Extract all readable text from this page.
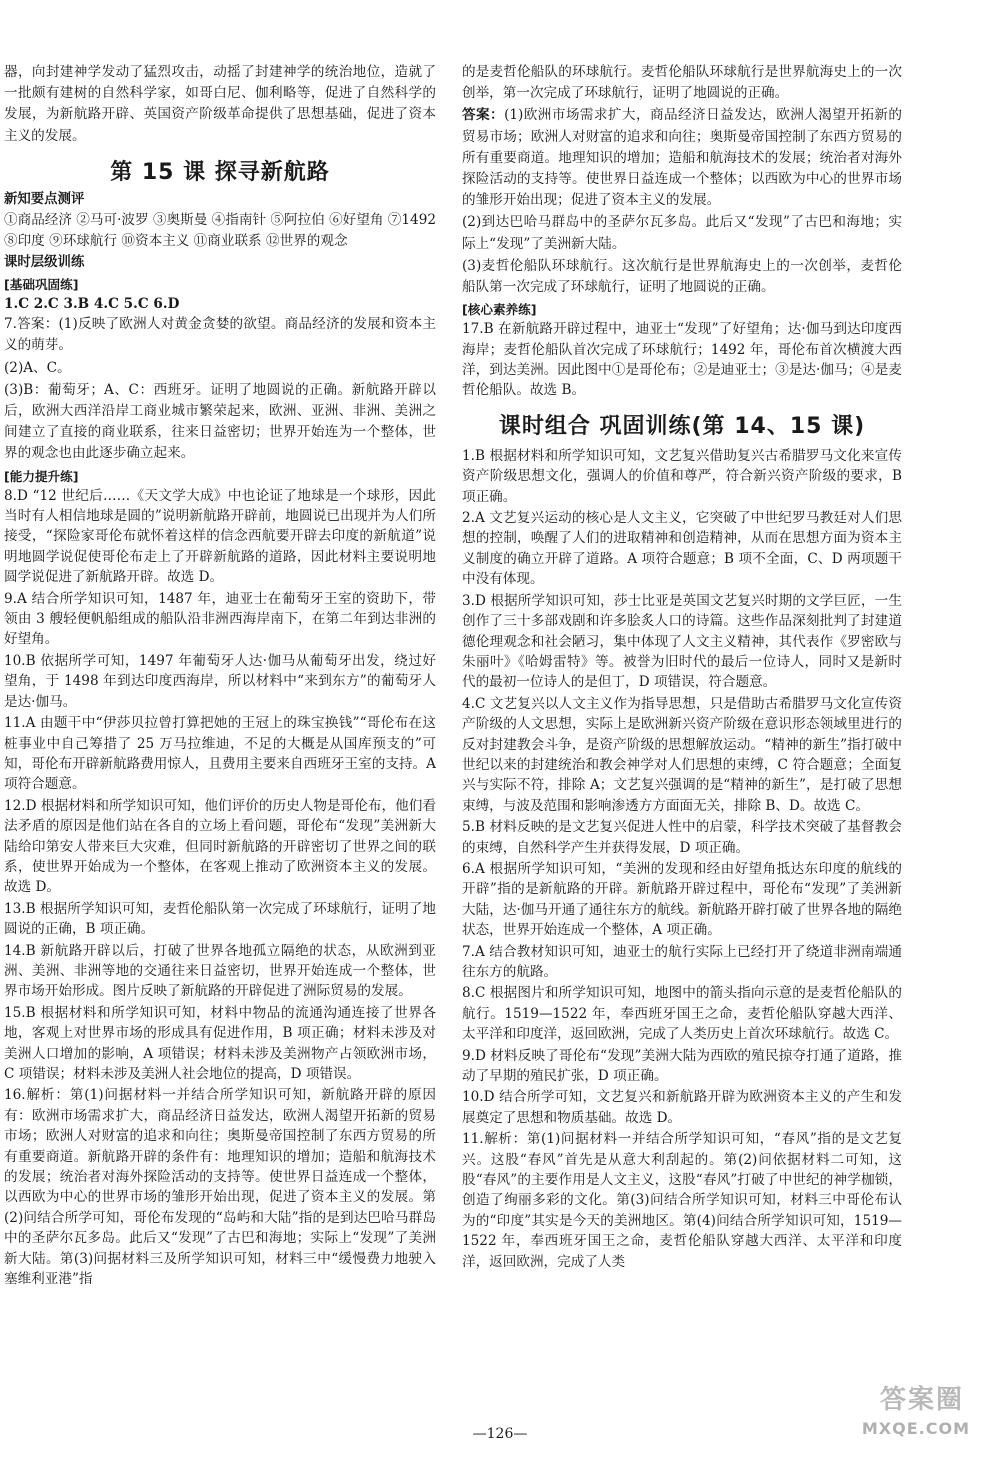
器，向封建神学发动了猛烈攻击，动摇了封建神学的统治地位，造就了一批颇有建树的自然科学家，如哥白尼、伽利略等，促进了自然科学的发展，为新航路开辟、英国资产阶级革命提供了思想基础，促进了资本主义的发展。

第 15 课 探寻新航路
新知要点测评

①商品经济 ②马可·波罗 ③奥斯曼 ④指南针 ⑤阿拉伯 ⑥好望角 ⑦1492 ⑧印度 ⑨环球航行 ⑩资本主义 ⑪商业联系 ⑫世界的观念

课时层级训练
[基础巩固练]

1.C 2.C 3.B 4.C 5.C 6.D

7.答案：(1)反映了欧洲人对黄金贪婪的欲望。商品经济的发展和资本主义的萌芽。

(2)A、C。

(3)B：葡萄牙；A、C：西班牙。证明了地圆说的正确。新航路开辟以后，欧洲大西洋沿岸工商业城市繁荣起来，欧洲、亚洲、非洲、美洲之间建立了直接的商业联系，往来日益密切；世界开始连为一个整体，世界的观念也由此逐步确立起来。

[能力提升练]

8.D “12 世纪后……《天文学大成》中也论证了地球是一个球形，因此当时有人相信地球是圆的”说明新航路开辟前，地圆说已出现并为人们所接受，“探险家哥伦布就怀着这样的信念西航要开辟去印度的新航道”说明地圆学说促使哥伦布走上了开辟新航路的道路，因此材料主要说明地圆学说促进了新航路开辟。故选 D。

9.A 结合所学知识可知，1487 年，迪亚士在葡萄牙王室的资助下，带领由 3 艘轻便帆船组成的船队沿非洲西海岸南下，在第二年到达非洲的好望角。

10.B 依据所学可知，1497 年葡萄牙人达·伽马从葡萄牙出发，绕过好望角，于 1498 年到达印度西海岸，所以材料中“来到东方”的葡萄牙人是达·伽马。

11.A 由题干中“伊莎贝拉曾打算把她的王冠上的珠宝换钱”“哥伦布在这桩事业中自己筹措了 25 万马拉维迪，不足的大概是从国库预支的”可知，哥伦布开辟新航路费用惊人，且费用主要来自西班牙王室的支持。A 项符合题意。

12.D 根据材料和所学知识可知，他们评价的历史人物是哥伦布，他们看法矛盾的原因是他们站在各自的立场上看问题，哥伦布“发现”美洲新大陆给印第安人带来巨大灾难，但同时新航路的开辟密切了世界之间的联系，使世界开始成为一个整体，在客观上推动了欧洲资本主义的发展。故选 D。

13.B 根据所学知识可知，麦哲伦船队第一次完成了环球航行，证明了地圆说的正确，B 项正确。

14.B 新航路开辟以后，打破了世界各地孤立隔绝的状态，从欧洲到亚洲、美洲、非洲等地的交通往来日益密切，世界开始连成一个整体，世界市场开始形成。图片反映了新航路的开辟促进了洲际贸易的发展。

15.B 根据材料和所学知识可知，材料中物品的流通沟通连接了世界各地，客观上对世界市场的形成具有促进作用，B 项正确；材料未涉及对美洲人口增加的影响，A 项错误；材料未涉及美洲物产占领欧洲市场，C 项错误；材料未涉及美洲人社会地位的提高，D 项错误。

16.解析：第(1)问据材料一并结合所学知识可知，新航路开辟的原因有：欧洲市场需求扩大，商品经济日益发达，欧洲人渴望开拓新的贸易市场；欧洲人对财富的追求和向往；奥斯曼帝国控制了东西方贸易的所有重要商道。新航路开辟的条件有：地理知识的增加；造船和航海技术的发展；统治者对海外探险活动的支持等。使世界日益连成一个整体，以西欧为中心的世界市场的雏形开始出现，促进了资本主义的发展。第(2)问结合所学可知，哥伦布发现的“岛屿和大陆”指的是到达巴哈马群岛中的圣萨尔瓦多岛。此后又“发现”了古巴和海地；实际上“发现”了美洲新大陆。第(3)问据材料三及所学知识可知，材料三中“缓慢费力地驶入塞维利亚港”指

的是麦哲伦船队的环球航行。麦哲伦船队环球航行是世界航海史上的一次创举，第一次完成了环球航行，证明了地圆说的正确。

答案：(1)欧洲市场需求扩大，商品经济日益发达，欧洲人渴望开拓新的贸易市场；欧洲人对财富的追求和向往；奥斯曼帝国控制了东西方贸易的所有重要商道。地理知识的增加；造船和航海技术的发展；统治者对海外探险活动的支持等。使世界日益连成一个整体；以西欧为中心的世界市场的雏形开始出现；促进了资本主义的发展。

(2)到达巴哈马群岛中的圣萨尔瓦多岛。此后又“发现”了古巴和海地；实际上“发现”了美洲新大陆。

(3)麦哲伦船队环球航行。这次航行是世界航海史上的一次创举，麦哲伦船队第一次完成了环球航行，证明了地圆说的正确。

[核心素养练]

17.B 在新航路开辟过程中，迪亚士“发现”了好望角；达·伽马到达印度西海岸；麦哲伦船队首次完成了环球航行；1492 年，哥伦布首次横渡大西洋，到达美洲。因此图中①是哥伦布；②是迪亚士；③是达·伽马；④是麦哲伦船队。故选 B。

课时组合 巩固训练(第 14、15 课)

1.B 根据材料和所学知识可知，文艺复兴借助复兴古希腊罗马文化来宣传资产阶级思想文化，强调人的价值和尊严，符合新兴资产阶级的要求，B 项正确。

2.A 文艺复兴运动的核心是人文主义，它突破了中世纪罗马教廷对人们思想的控制，唤醒了人们的进取精神和创造精神，从而在思想方面为资本主义制度的确立开辟了道路。A 项符合题意；B 项不全面，C、D 两项题干中没有体现。

3.D 根据所学知识可知，莎士比亚是英国文艺复兴时期的文学巨匠，一生创作了三十多部戏剧和许多脍炙人口的诗篇。这些作品深刻批判了封建道德伦理观念和社会陋习，集中体现了人文主义精神，其代表作《罗密欧与朱丽叶》《哈姆雷特》等。被誉为旧时代的最后一位诗人，同时又是新时代的最初一位诗人的是但丁，D 项错误，符合题意。

4.C 文艺复兴以人文主义作为指导思想，只是借助古希腊罗马文化宣传资产阶级的人文思想，实际上是欧洲新兴资产阶级在意识形态领域里进行的反对封建教会斗争，是资产阶级的思想解放运动。“精神的新生”指打破中世纪以来的封建统治和教会神学对人们思想的束缚，C 符合题意；全面复兴与实际不符，排除 A；文艺复兴强调的是“精神的新生”，是打破了思想束缚，与波及范围和影响渗透方方面面无关，排除 B、D。故选 C。

5.B 材料反映的是文艺复兴促进人性中的启蒙，科学技术突破了基督教会的束缚，自然科学产生并获得发展，D 项正确。

6.A 根据所学知识可知，“美洲的发现和经由好望角抵达东印度的航线的开辟”指的是新航路的开辟。新航路开辟过程中，哥伦布“发现”了美洲新大陆，达·伽马开通了通往东方的航线。新航路开辟打破了世界各地的隔绝状态，世界开始连成一个整体，A 项正确。

7.A 结合教材知识可知，迪亚士的航行实际上已经打开了绕道非洲南端通往东方的航路。

8.C 根据图片和所学知识可知，地图中的箭头指向示意的是麦哲伦船队的航行。1519—1522 年，奉西班牙国王之命，麦哲伦船队穿越大西洋、太平洋和印度洋，返回欧洲，完成了人类历史上首次环球航行。故选 C。

9.D 材料反映了哥伦布“发现”美洲大陆为西欧的殖民掠夺打通了道路，推动了早期的殖民扩张，D 项正确。

10.D 结合所学可知，文艺复兴和新航路开辟为欧洲资本主义的产生和发展奠定了思想和物质基础。故选 D。

11.解析：第(1)问据材料一并结合所学知识可知，“春风”指的是文艺复兴。这股“春风”首先是从意大利刮起的。第(2)问依据材料二可知，这股“春风”的主要作用是人文主义，这股“春风”打破了中世纪的神学枷锁，创造了绚丽多彩的文化。第(3)问结合所学知识可知，材料三中哥伦布认为的“印度”其实是今天的美洲地区。第(4)问结合所学知识可知，1519—1522 年，奉西班牙国王之命，麦哲伦船队穿越大西洋、太平洋和印度洋，返回欧洲，完成了人类

—126—
答案圈
MXQE.COM
